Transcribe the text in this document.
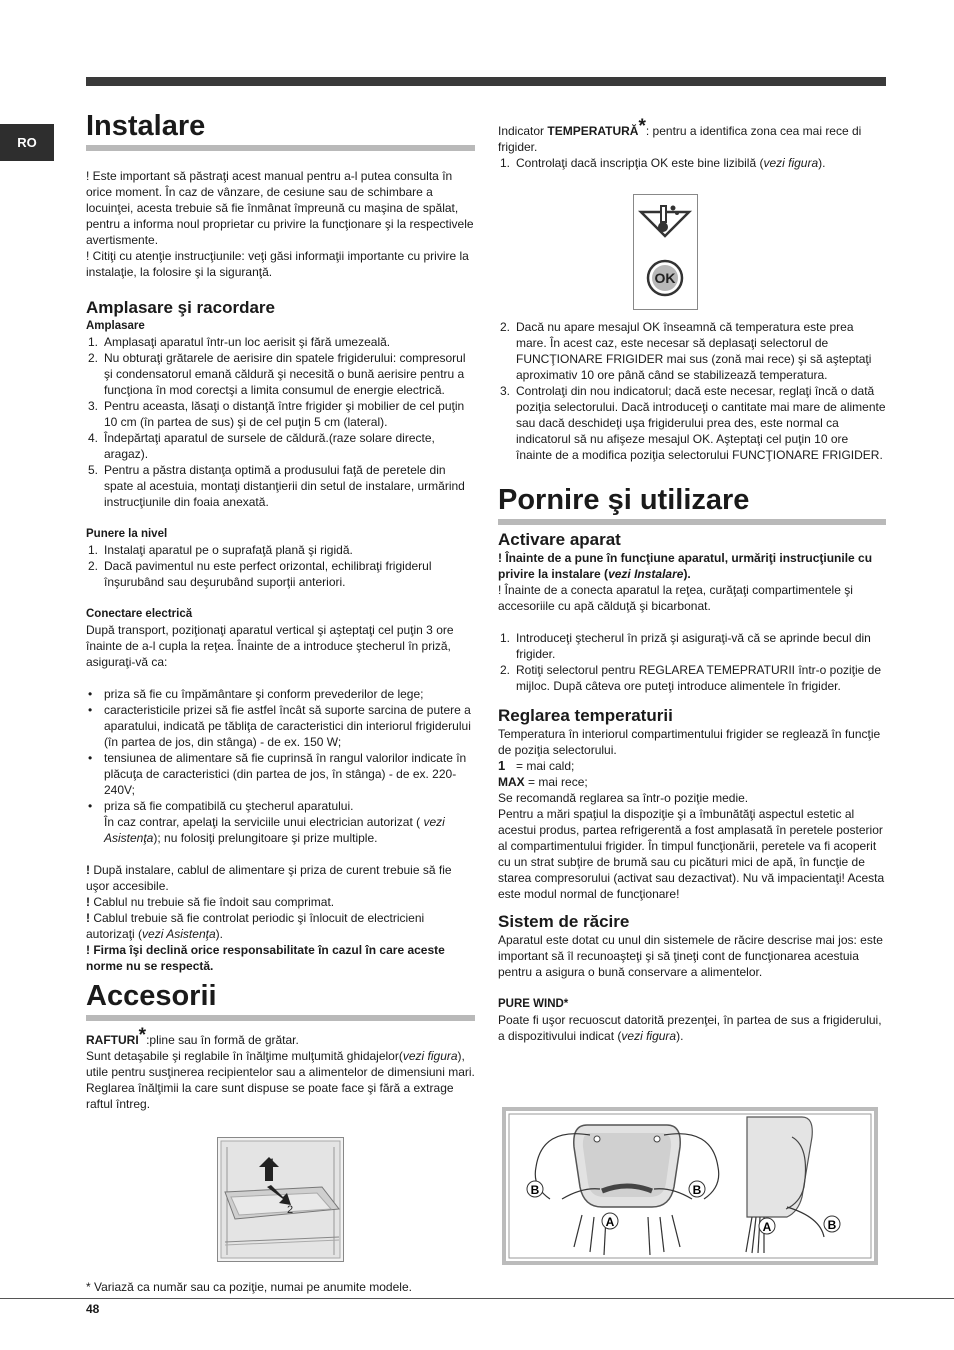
RO	Instalare

! Este important să păstraţi acest manual pentru a-l putea consulta în orice moment. În caz de vânzare, de cesiune sau de schimbare a locuinţei, acesta trebuie să fie înmânat împreună cu maşina de spălat, pentru a informa noul proprietar cu privire la funcţionare şi la respectivele avertismente.

! Citiţi cu atenţie instrucţiunile: veţi găsi informaţii importante cu privire la instalaţie, la folosire şi la siguranţă.

Amplasare şi racordare
Amplasare
1. Amplasaţi aparatul într-un loc aerisit şi fără umezeală.
2. Nu obturaţi grătarele de aerisire din spatele frigiderului: compresorul şi condensatorul emană căldură şi necesită o bună aerisire pentru a funcţiona în mod corectşi a limita consumul de energie electrică.
3. Pentru aceasta, lăsaţi o distanţă între frigider şi mobilier de cel puţin 10 cm (în partea de sus) şi de cel puţin 5 cm (lateral).
4. Îndepărtaţi aparatul de sursele de căldură.(raze solare directe, aragaz).
5. Pentru a păstra distanţa optimă a produsului faţă de peretele din spate al acestuia, montaţi distanţierii din setul de instalare, urmărind instrucţiunile din foaia anexată.
Punere la nivel
1. Instalaţi aparatul pe o suprafaţă plană şi rigidă.
2. Dacă pavimentul nu este perfect orizontal, echilibraţi frigiderul înşurubând sau deşurubând suporţii anteriori.
Conectare electrică

După transport, poziţionaţi aparatul vertical şi aşteptaţi cel puţin 3 ore înainte de a-l cupla la reţea. Înainte de a introduce ştecherul în priză, asiguraţi-vă ca:

• priza să fie cu împământare şi conform prevederilor de lege;
• caracteristicile prizei să fie astfel încât să suporte sarcina de putere a aparatului, indicată pe tăbliţa de caracteristici din interiorul frigiderului (în partea de jos, din stânga) - de ex. 150 W;
• tensiunea de alimentare să fie cuprinsă în rangul valorilor indicate în plăcuţa de caracteristici (din partea de jos, în stânga) - de ex. 220-240V;
• priza să fie compatibilă cu ştecherul aparatului.
În caz contrar, apelaţi la serviciile unui electrician autorizat ( vezi Asistenţa); nu folosiţi prelungitoare şi prize multiple.

! După instalare, cablul de alimentare şi priza de curent trebuie să fie uşor accesibile.

! Cablul nu trebuie să fie îndoit sau comprimat.

! Cablul trebuie să fie controlat periodic şi înlocuit de electricieni autorizaţi (vezi Asistenţa).

! Firma îşi declină orice responsabilitate în cazul în care aceste norme nu se respectă.

Accesorii

RAFTURI*:pline sau în formă de grătar.

Sunt detaşabile şi reglabile în înălţime mulţumită ghidajelor(vezi figura), utile pentru susţinerea recipientelor sau a alimentelor de dimensiuni mari. Reglarea înălţimii la care sunt dispuse se poate face şi fără a extrage raftul întreg.

1
2

Indicator TEMPERATURĂ*: pentru a identifica zona cea mai rece di frigider.

1. Controlaţi dacă inscripţia OK este bine lizibilă (vezi figura).
OK
2. Dacă nu apare mesajul OK înseamnă că temperatura este prea mare. În acest caz, este necesar să deplasaţi selectorul de FUNCŢIONARE FRIGIDER mai sus (zonă mai rece) şi să aşteptaţi aproximativ 10 ore până când se stabilizează temperatura.
3. Controlaţi din nou indicatorul; dacă este necesar, reglaţi încă o dată poziţia selectorului. Dacă introduceţi o cantitate mai mare de alimente sau dacă deschideţi uşa frigiderului prea des, este normal ca indicatorul să nu afişeze mesajul OK. Aşteptaţi cel puţin 10 ore înainte de a modifica poziţia selectorului FUNCŢIONARE FRIGIDER.
Pornire şi utilizare
Activare aparat

! Înainte de a pune în funcţiune aparatul, urmăriţi instrucţiunile cu privire la instalare (vezi Instalare).

! Înainte de a conecta aparatul la reţea, curăţaţi compartimentele şi accesoriile cu apă călduţă şi bicarbonat.

1. Introduceţi ştecherul în priză şi asiguraţi-vă că se aprinde becul din frigider.
2. Rotiţi selectorul pentru REGLAREA TEMEPRATURII într-o poziţie de mijloc. După câteva ore puteţi introduce alimentele în frigider.
Reglarea temperaturii

Temperatura în interiorul compartimentului frigider se reglează în funcţie de poziţia selectorului.

1 = mai cald;

MAX = mai rece;

Se recomandă reglarea sa într-o poziţie medie.

Pentru a mări spaţiul la dispoziţie şi a îmbunătăţi aspectul estetic al acestui produs, partea refrigerentă a fost amplasată în peretele posterior al compartimentului frigider. În timpul funcţionării, peretele va fi acoperit cu un strat subţire de brumă sau cu picături mici de apă, în funcţie de starea compresorului (activat sau dezactivat). Nu vă impacientaţi! Acesta este modul normal de funcţionare!

Sistem de răcire

Aparatul este dotat cu unul din sistemele de răcire descrise mai jos: este important să îl recunoaşteţi şi să ţineţi cont de funcţionarea acestuia pentru a asigura o bună conservare a alimentelor.

PURE WIND*

Poate fi uşor recuoscut datorită prezenţei, în partea de sus a frigiderului, a dispozitivului indicat (vezi figura).

B	B
A	A	B
* Variază ca număr sau ca poziţie, numai pe anumite modele.
48
